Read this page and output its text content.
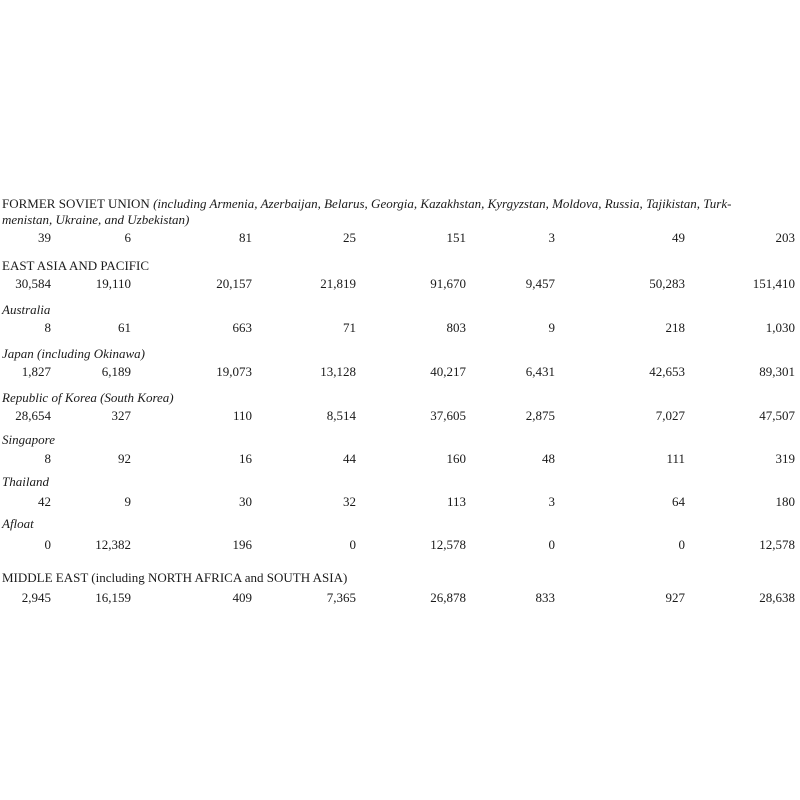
FORMER SOVIET UNION (including Armenia, Azerbaijan, Belarus, Georgia, Kazakhstan, Kyrgyzstan, Moldova, Russia, Tajikistan, Turk-
menistan, Ukraine, and Uzbekistan)
39	6	81	25	151	3	49	203
EAST ASIA AND PACIFIC
30,584	19,110	20,157	21,819	91,670	9,457	50,283	151,410
Australia
8	61	663	71	803	9	218	1,030
Japan (including Okinawa)
1,827	6,189	19,073	13,128	40,217	6,431	42,653	89,301
Republic of Korea (South Korea)
28,654	327	110	8,514	37,605	2,875	7,027	47,507
Singapore
8	92	16	44	160	48	111	319
Thailand
42	9	30	32	113	3	64	180
Afloat
0	12,382	196	0	12,578	0	0	12,578
MIDDLE EAST (including NORTH AFRICA and SOUTH ASIA)
2,945	16,159	409	7,365	26,878	833	927	28,638
